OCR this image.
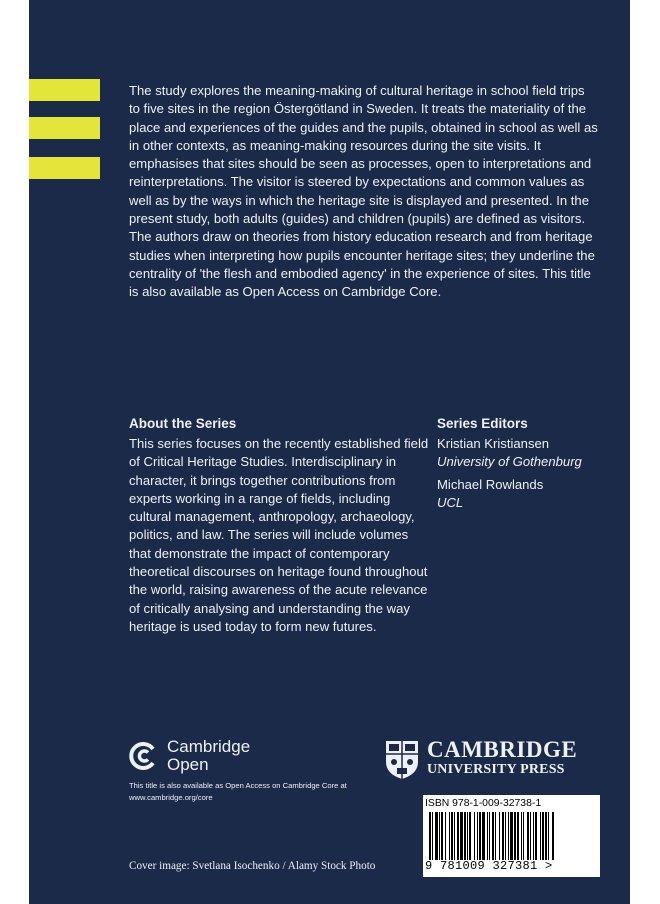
The study explores the meaning-making of cultural heritage in school field trips to five sites in the region Östergötland in Sweden. It treats the materiality of the place and experiences of the guides and the pupils, obtained in school as well as in other contexts, as meaning-making resources during the site visits. It emphasises that sites should be seen as processes, open to interpretations and reinterpretations. The visitor is steered by expectations and common values as well as by the ways in which the heritage site is displayed and presented. In the present study, both adults (guides) and children (pupils) are defined as visitors. The authors draw on theories from history education research and from heritage studies when interpreting how pupils encounter heritage sites; they underline the centrality of 'the flesh and embodied agency' in the experience of sites. This title is also available as Open Access on Cambridge Core.

About the Series

This series focuses on the recently established field of Critical Heritage Studies. Interdisciplinary in character, it brings together contributions from experts working in a range of fields, including cultural management, anthropology, archaeology, politics, and law. The series will include volumes that demonstrate the impact of contemporary theoretical discourses on heritage found throughout the world, raising awareness of the acute relevance of critically analysing and understanding the way heritage is used today to form new futures.

Series Editors
Kristian Kristiansen
University of Gothenburg
Michael Rowlands
UCL
Cambridge
Open
This title is also available as Open Access on Cambridge Core at www.cambridge.org/core
CAMBRIDGE
UNIVERSITY PRESS
ISBN 978-1-009-32738-1
9 781009 327381 >
Cover image: Svetlana Isochenko / Alamy Stock Photo
